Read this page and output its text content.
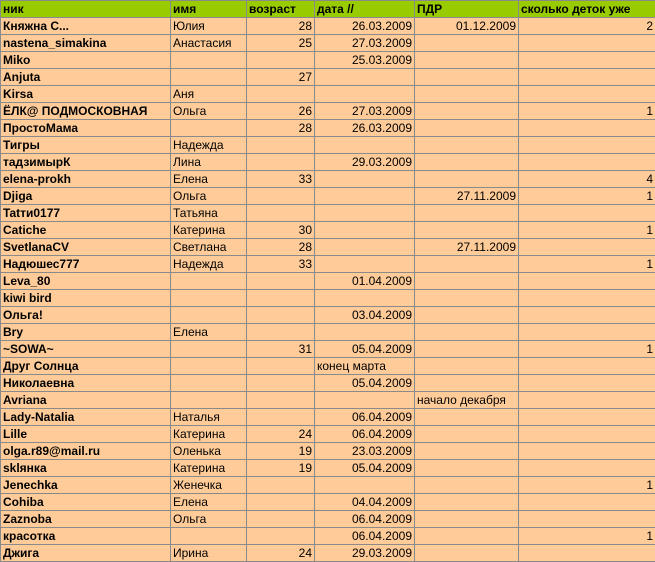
ник	имя	возраст	дата //	ПДР	сколько деток уже
Княжна С...	Юлия	28	26.03.2009	01.12.2009	2
nastena_simakina	Анастасия	25	27.03.2009		
Miko			25.03.2009		
Anjuta		27			
Kirsa	Аня				
ЁЛК@ ПОДМОСКОВНАЯ	Ольга	26	27.03.2009		1
ПростоМама		28	26.03.2009		
Тигры	Надежда				
тадзимырК	Лина		29.03.2009		
elena-prokh	Елена	33			4
Djiga	Ольга			27.11.2009	1
Tatти0177	Татьяна				
Catiche	Катерина	30			1
SvetlanaCV	Светлана	28		27.11.2009	
Надюшес777	Надежда	33			1
Leva_80			01.04.2009		
kiwi bird					
Ольга!			03.04.2009		
Bry	Елена				
~SOWA~		31	05.04.2009		1
Друг Солнца			конец марта		
Николаевна			05.04.2009		
Avriana				начало декабря	
Lady-Natalia	Наталья		06.04.2009		
Lille	Катерина	24	06.04.2009		
olga.r89@mail.ru	Оленька	19	23.03.2009		
sklянка	Катерина	19	05.04.2009		
Jenechka	Женечка				1
Cohiba	Елена		04.04.2009		
Zaznoba	Ольга		06.04.2009		
красотка			06.04.2009		1
Джига	Ирина	24	29.03.2009		
